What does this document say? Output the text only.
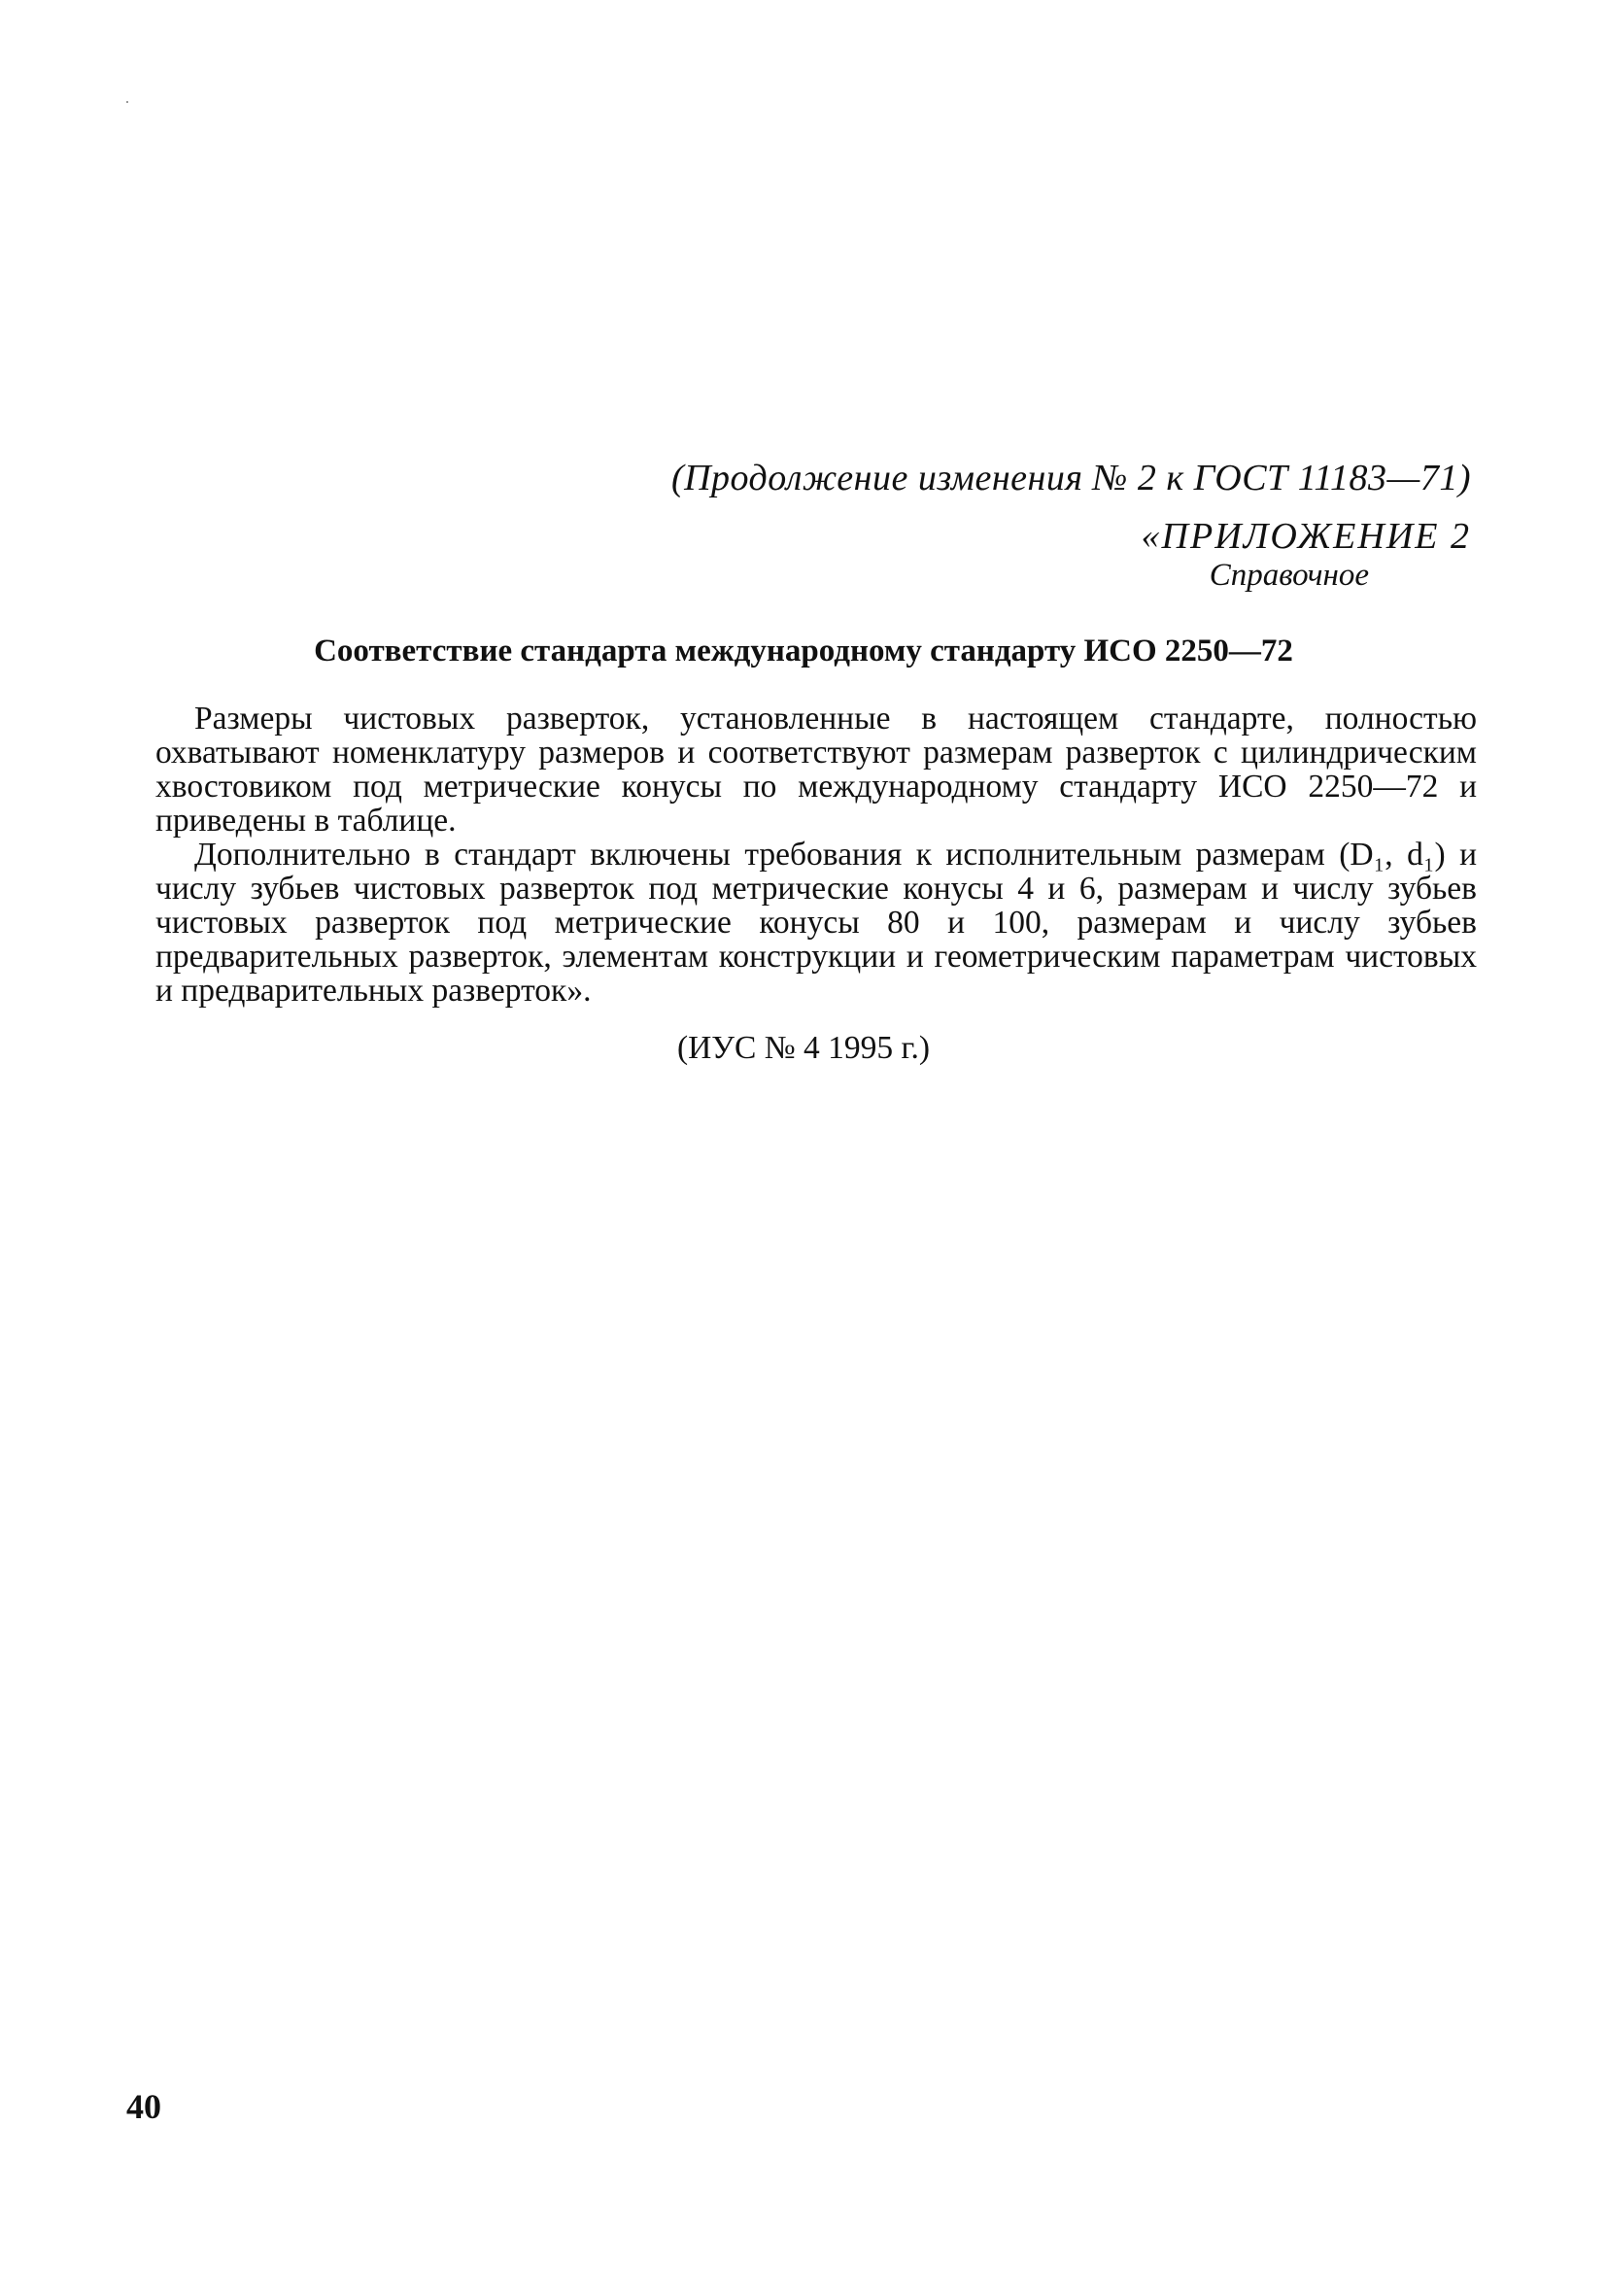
(Продолжение изменения № 2 к ГОСТ 11183—71)
«ПРИЛОЖЕНИЕ 2
Справочное
Соответствие стандарта международному стандарту ИСО 2250—72

Размеры чистовых разверток, установленные в настоящем стандарте, полностью охватывают номенклатуру размеров и соответствуют размерам разверток с цилиндрическим хвостовиком под метрические конусы по международному стандарту ИСО 2250—72 и приведены в таблице.

Дополнительно в стандарт включены требования к исполнительным размерам (D₁, d₁) и числу зубьев чистовых разверток под метрические конусы 4 и 6, размерам и числу зубьев чистовых разверток под метрические конусы 80 и 100, размерам и числу зубьев предварительных разверток, элементам конструкции и геометрическим параметрам чистовых и предварительных разверток».

(ИУС № 4 1995 г.)
40
